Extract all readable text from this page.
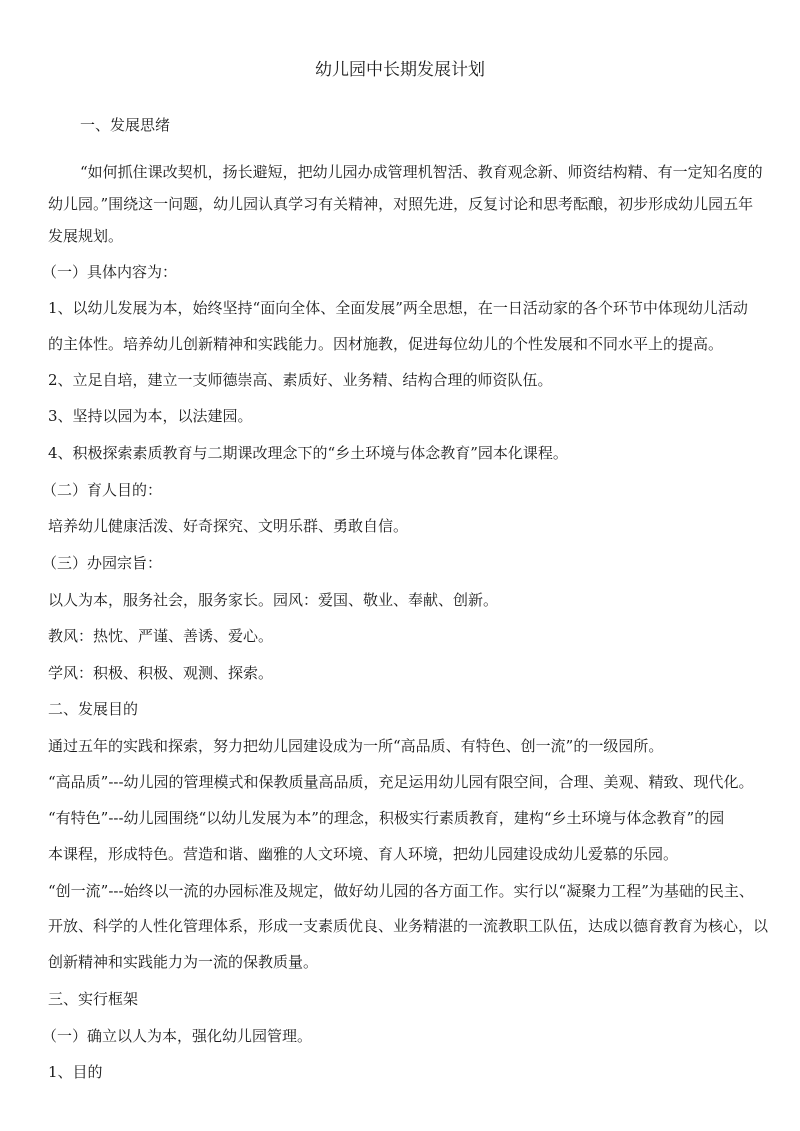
幼儿园中长期发展计划
一、发展思绪
“如何抓住课改契机，扬长避短，把幼儿园办成管理机智活、教育观念新、师资结构精、有一定知名度的
幼儿园。”围绕这一问题，幼儿园认真学习有关精神，对照先进，反复讨论和思考酝酿，初步形成幼儿园五年
发展规划。
（一）具体内容为：
1、以幼儿发展为本，始终坚持“面向全体、全面发展”两全思想，在一日活动家的各个环节中体现幼儿活动
的主体性。培养幼儿创新精神和实践能力。因材施教，促进每位幼儿的个性发展和不同水平上的提高。
2、立足自培，建立一支师德崇高、素质好、业务精、结构合理的师资队伍。
3、坚持以园为本，以法建园。
4、积极探索素质教育与二期课改理念下的“乡土环境与体念教育”园本化课程。
（二）育人目的：
培养幼儿健康活泼、好奇探究、文明乐群、勇敢自信。
（三）办园宗旨：
以人为本，服务社会，服务家长。园风：爱国、敬业、奉献、创新。
教风：热忱、严谨、善诱、爱心。
学风：积极、积极、观测、探索。
二、发展目的
通过五年的实践和探索，努力把幼儿园建设成为一所“高品质、有特色、创一流”的一级园所。
“高品质”---幼儿园的管理模式和保教质量高品质，充足运用幼儿园有限空间，合理、美观、精致、现代化。
“有特色”---幼儿园围绕“以幼儿发展为本”的理念，积极实行素质教育，建构“乡土环境与体念教育”的园
本课程，形成特色。营造和谐、幽雅的人文环境、育人环境，把幼儿园建设成幼儿爱慕的乐园。
“创一流”---始终以一流的办园标准及规定，做好幼儿园的各方面工作。实行以“凝聚力工程”为基础的民主、
开放、科学的人性化管理体系，形成一支素质优良、业务精湛的一流教职工队伍，达成以德育教育为核心，以
创新精神和实践能力为一流的保教质量。
三、实行框架
（一）确立以人为本，强化幼儿园管理。
1、目的
